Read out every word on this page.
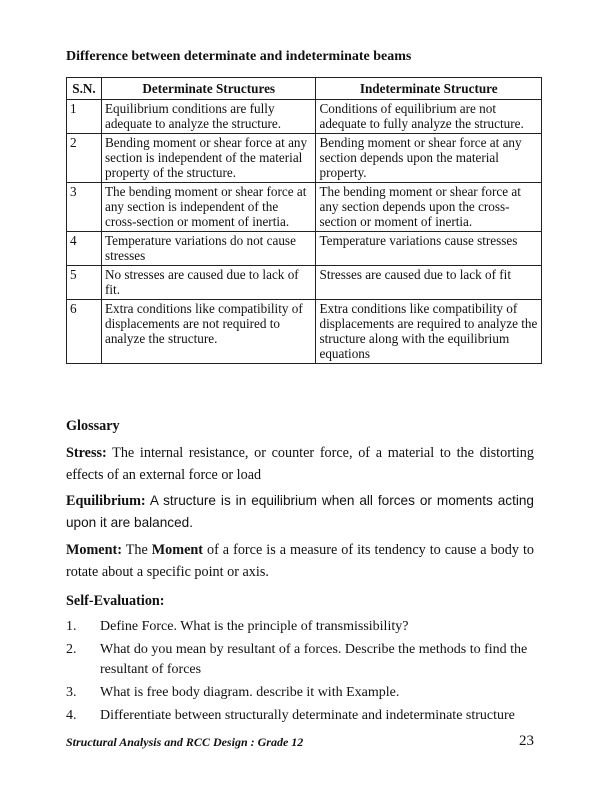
Difference between determinate and indeterminate beams
S.N.	Determinate Structures	Indeterminate Structure
1	Equilibrium conditions are fully adequate to analyze the structure.	Conditions of equilibrium are not adequate to fully analyze the structure.
2	Bending moment or shear force at any section is independent of the material property of the structure.	Bending moment or shear force at any section depends upon the material property.
3	The bending moment or shear force at any section is independent of the cross-section or moment of inertia.	The bending moment or shear force at any section depends upon the cross-section or moment of inertia.
4	Temperature variations do not cause stresses	Temperature variations cause stresses
5	No stresses are caused due to lack of fit.	Stresses are caused due to lack of fit
6	Extra conditions like compatibility of displacements are not required to analyze the structure.	Extra conditions like compatibility of displacements are required to analyze the structure along with the equilibrium equations
Glossary
Stress: The internal resistance, or counter force, of a material to the distorting effects of an external force or load
Equilibrium: A structure is in equilibrium when all forces or moments acting upon it are balanced.
Moment: The Moment of a force is a measure of its tendency to cause a body to rotate about a specific point or axis.
Self-Evaluation:
1. Define Force. What is the principle of transmissibility?
2. What do you mean by resultant of a forces. Describe the methods to find the resultant of forces
3. What is free body diagram. describe it with Example.
4. Differentiate between structurally determinate and indeterminate structure
Structural Analysis and RCC Design : Grade 12	23
